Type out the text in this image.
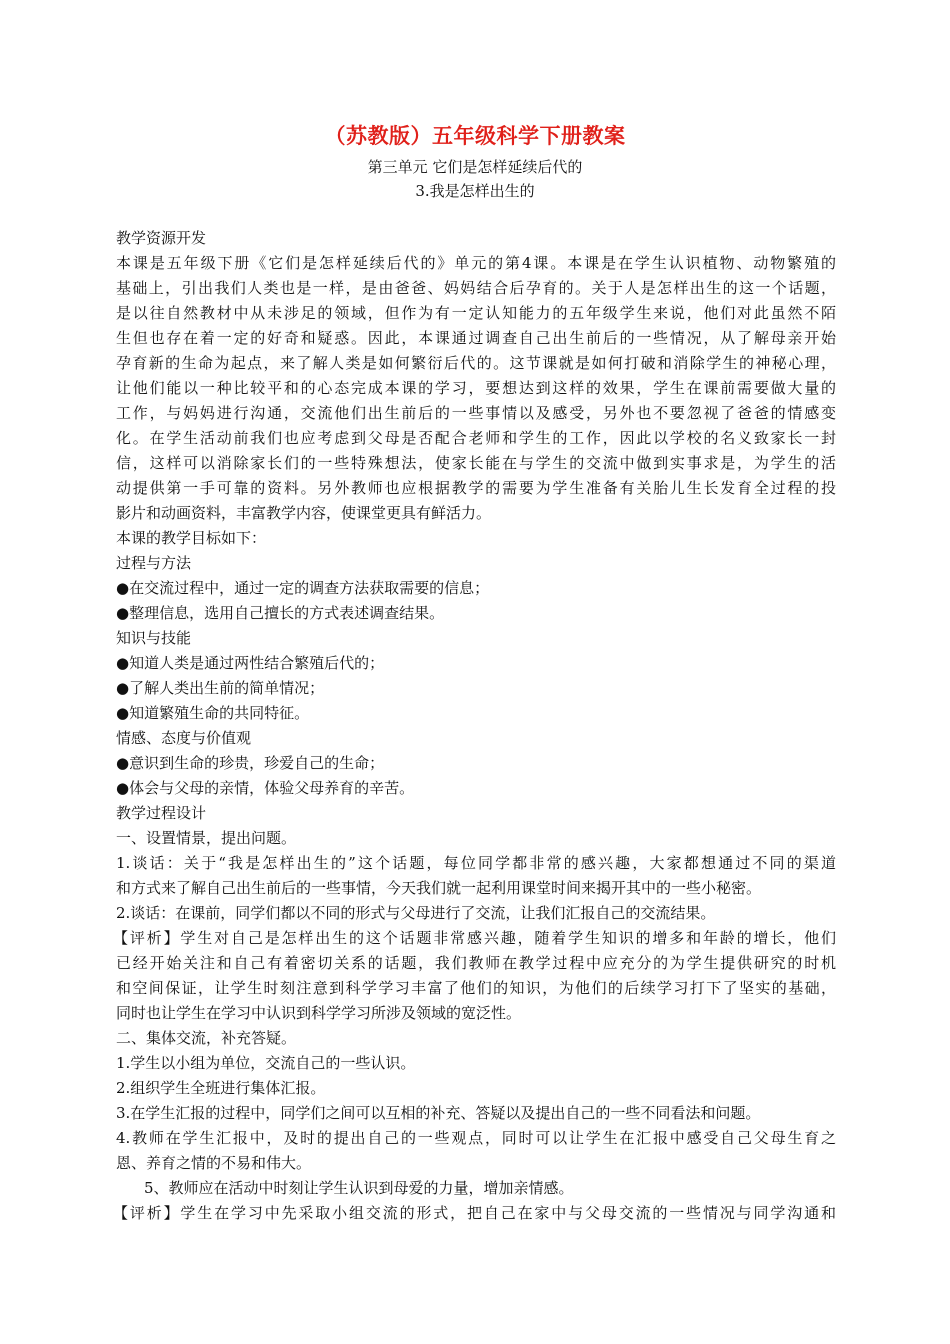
（苏教版）五年级科学下册教案
第三单元 它们是怎样延续后代的
3.我是怎样出生的
教学资源开发
本课是五年级下册《它们是怎样延续后代的》单元的第4课。本课是在学生认识植物、动物繁殖的
基础上，引出我们人类也是一样，是由爸爸、妈妈结合后孕育的。关于人是怎样出生的这一个话题，
是以往自然教材中从未涉足的领域，但作为有一定认知能力的五年级学生来说，他们对此虽然不陌
生但也存在着一定的好奇和疑惑。因此，本课通过调查自己出生前后的一些情况，从了解母亲开始
孕育新的生命为起点，来了解人类是如何繁衍后代的。这节课就是如何打破和消除学生的神秘心理，
让他们能以一种比较平和的心态完成本课的学习，要想达到这样的效果，学生在课前需要做大量的
工作，与妈妈进行沟通，交流他们出生前后的一些事情以及感受，另外也不要忽视了爸爸的情感变
化。在学生活动前我们也应考虑到父母是否配合老师和学生的工作，因此以学校的名义致家长一封
信，这样可以消除家长们的一些特殊想法，使家长能在与学生的交流中做到实事求是，为学生的活
动提供第一手可靠的资料。另外教师也应根据教学的需要为学生准备有关胎儿生长发育全过程的投
影片和动画资料，丰富教学内容，使课堂更具有鲜活力。
本课的教学目标如下：
过程与方法
●在交流过程中，通过一定的调查方法获取需要的信息；
●整理信息，选用自己擅长的方式表述调查结果。
知识与技能
●知道人类是通过两性结合繁殖后代的；
●了解人类出生前的简单情况；
●知道繁殖生命的共同特征。
情感、态度与价值观
●意识到生命的珍贵，珍爱自己的生命；
●体会与父母的亲情，体验父母养育的辛苦。
教学过程设计
一、设置情景，提出问题。
1.谈话：关于“我是怎样出生的”这个话题，每位同学都非常的感兴趣，大家都想通过不同的渠道
和方式来了解自己出生前后的一些事情，今天我们就一起利用课堂时间来揭开其中的一些小秘密。
2.谈话：在课前，同学们都以不同的形式与父母进行了交流，让我们汇报自己的交流结果。
【评析】学生对自己是怎样出生的这个话题非常感兴趣，随着学生知识的增多和年龄的增长，他们
已经开始关注和自己有着密切关系的话题，我们教师在教学过程中应充分的为学生提供研究的时机
和空间保证，让学生时刻注意到科学学习丰富了他们的知识，为他们的后续学习打下了坚实的基础，
同时也让学生在学习中认识到科学学习所涉及领域的宽泛性。
二、集体交流，补充答疑。
1.学生以小组为单位，交流自己的一些认识。
2.组织学生全班进行集体汇报。
3.在学生汇报的过程中，同学们之间可以互相的补充、答疑以及提出自己的一些不同看法和问题。
4.教师在学生汇报中，及时的提出自己的一些观点，同时可以让学生在汇报中感受自己父母生育之
恩、养育之情的不易和伟大。
5、教师应在活动中时刻让学生认识到母爱的力量，增加亲情感。
【评析】学生在学习中先采取小组交流的形式，把自己在家中与父母交流的一些情况与同学沟通和
